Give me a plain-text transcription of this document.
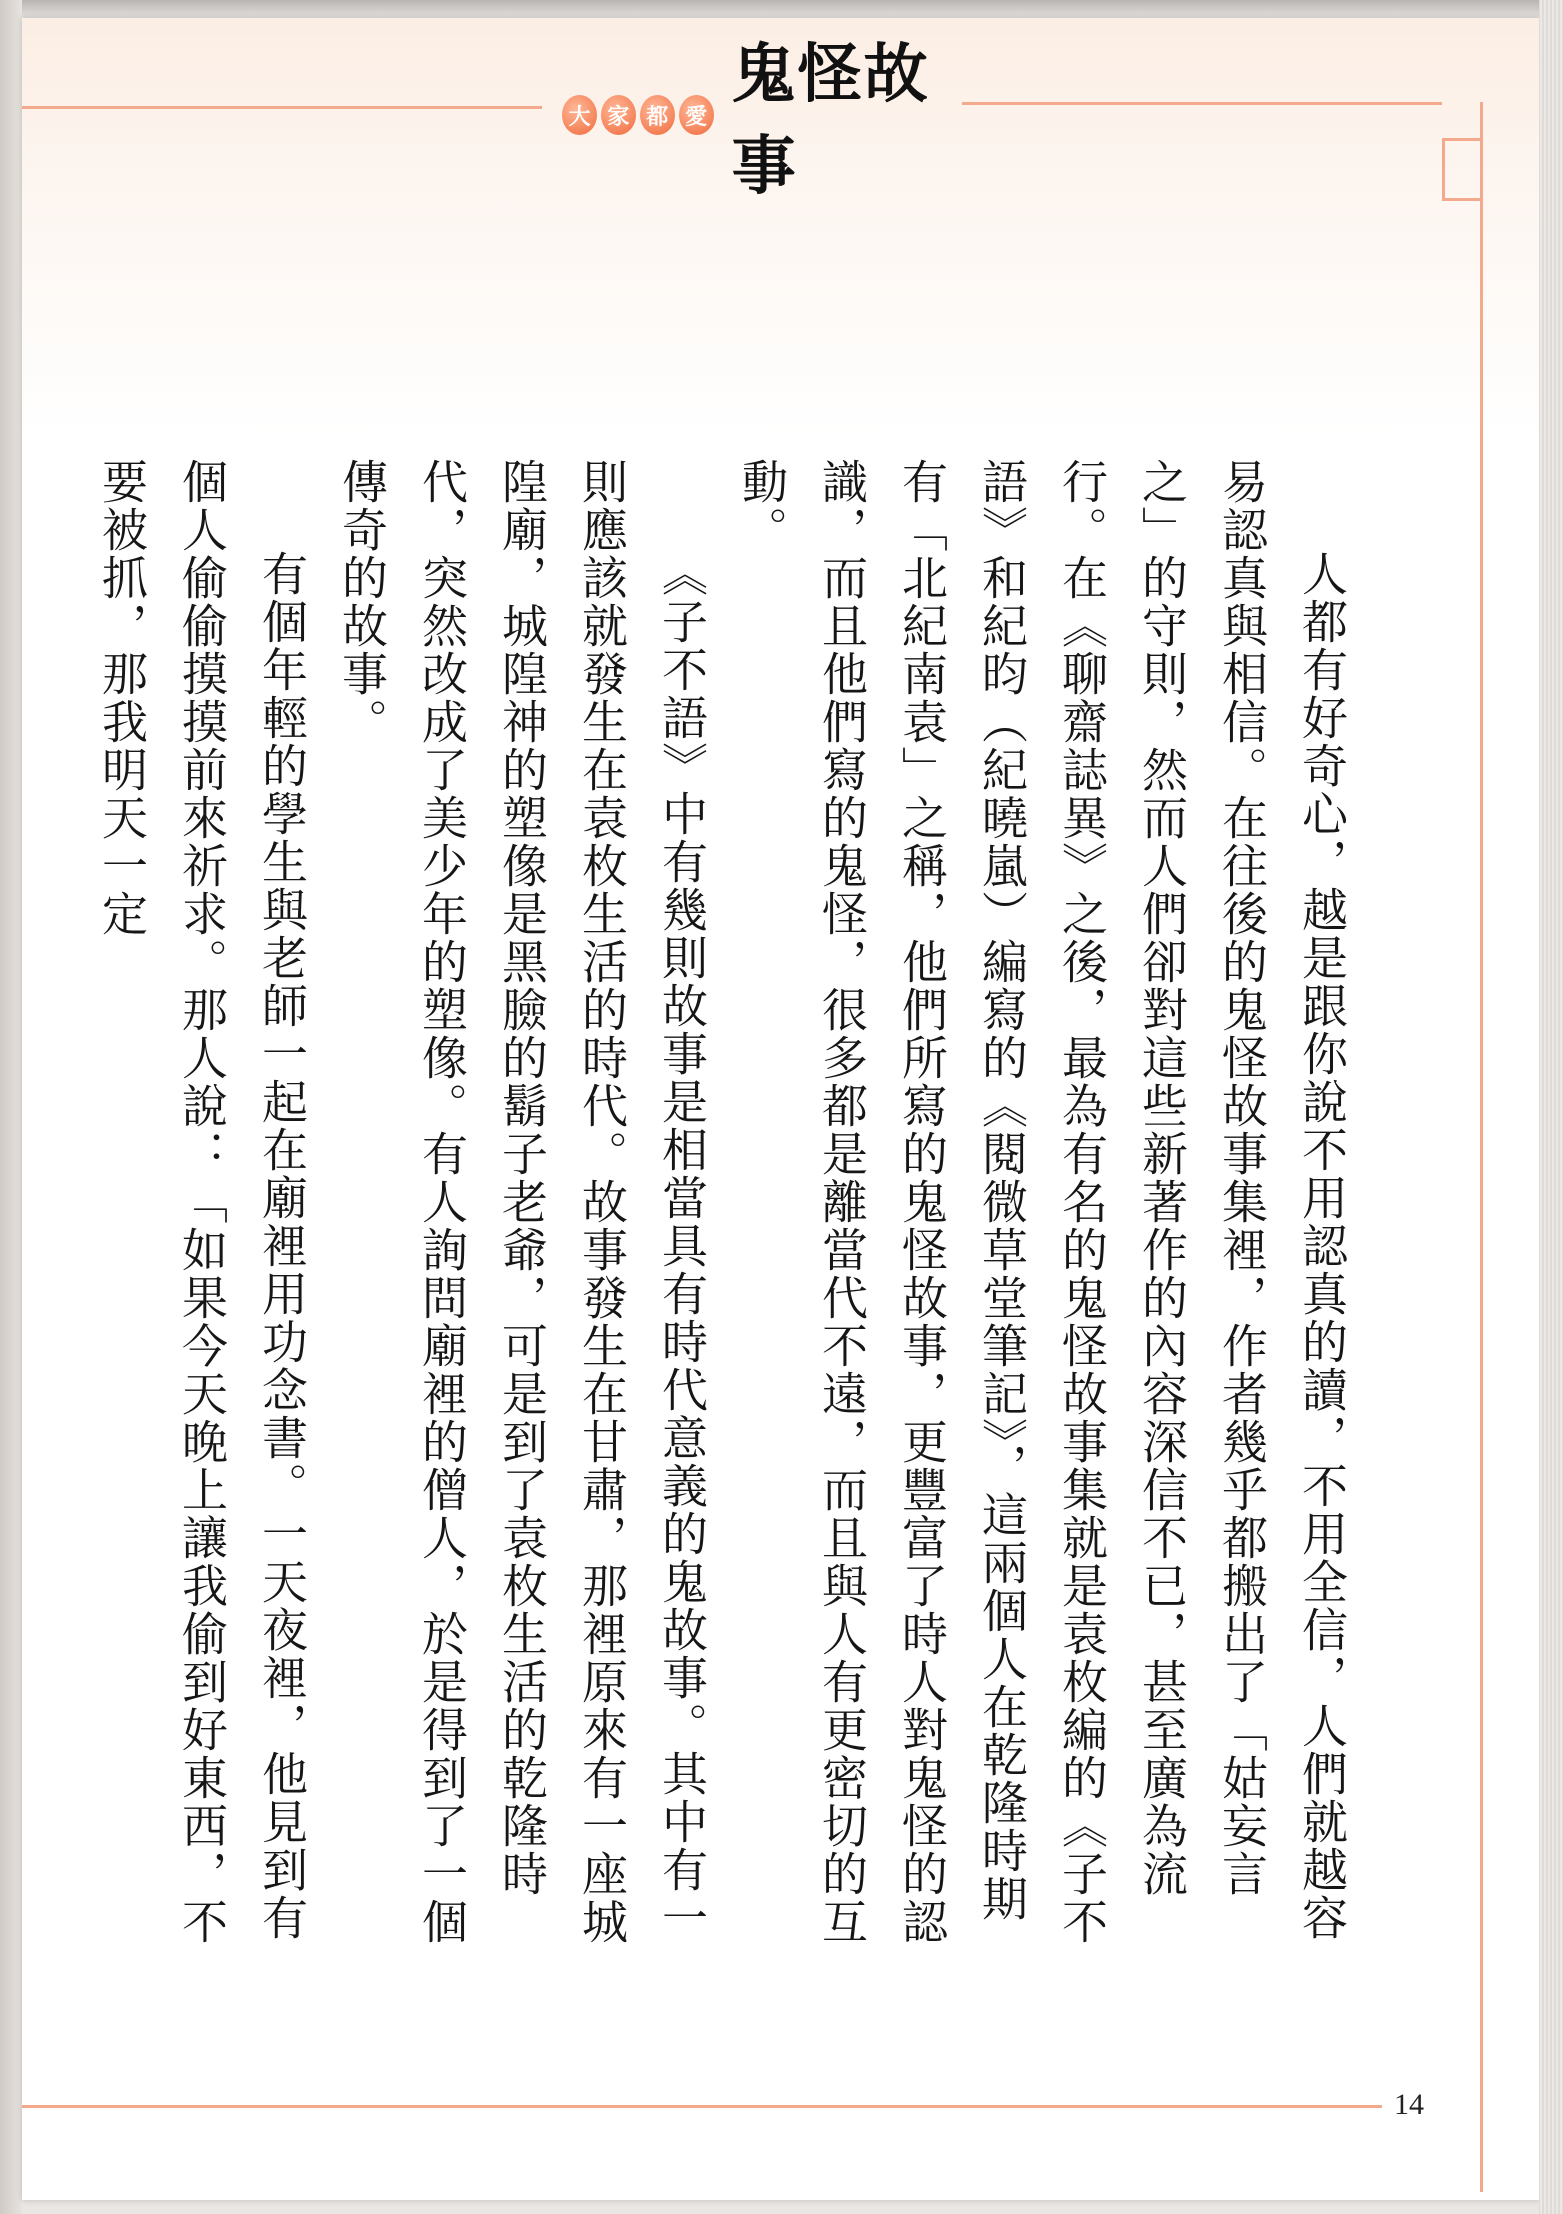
大 家 都 愛
鬼怪故事

人都有好奇心，越是跟你說不用認真的讀，不用全信，人們就越容易認真與相信。在往後的鬼怪故事集裡，作者幾乎都搬出了「姑妄言之」的守則，然而人們卻對這些新著作的內容深信不已，甚至廣為流行。在《聊齋誌異》之後，最為有名的鬼怪故事集就是袁枚編的《子不語》和紀昀（紀曉嵐）編寫的《閱微草堂筆記》，這兩個人在乾隆時期有「北紀南袁」之稱，他們所寫的鬼怪故事，更豐富了時人對鬼怪的認識，而且他們寫的鬼怪，很多都是離當代不遠，而且與人有更密切的互動。

《子不語》中有幾則故事是相當具有時代意義的鬼故事。其中有一則應該就發生在袁枚生活的時代。故事發生在甘肅，那裡原來有一座城隍廟，城隍神的塑像是黑臉的鬍子老爺，可是到了袁枚生活的乾隆時代，突然改成了美少年的塑像。有人詢問廟裡的僧人，於是得到了一個傳奇的故事。

有個年輕的學生與老師一起在廟裡用功念書。一天夜裡，他見到有個人偷偷摸摸前來祈求。那人說：「如果今天晚上讓我偷到好東西，不要被抓，那我明天一定

14
